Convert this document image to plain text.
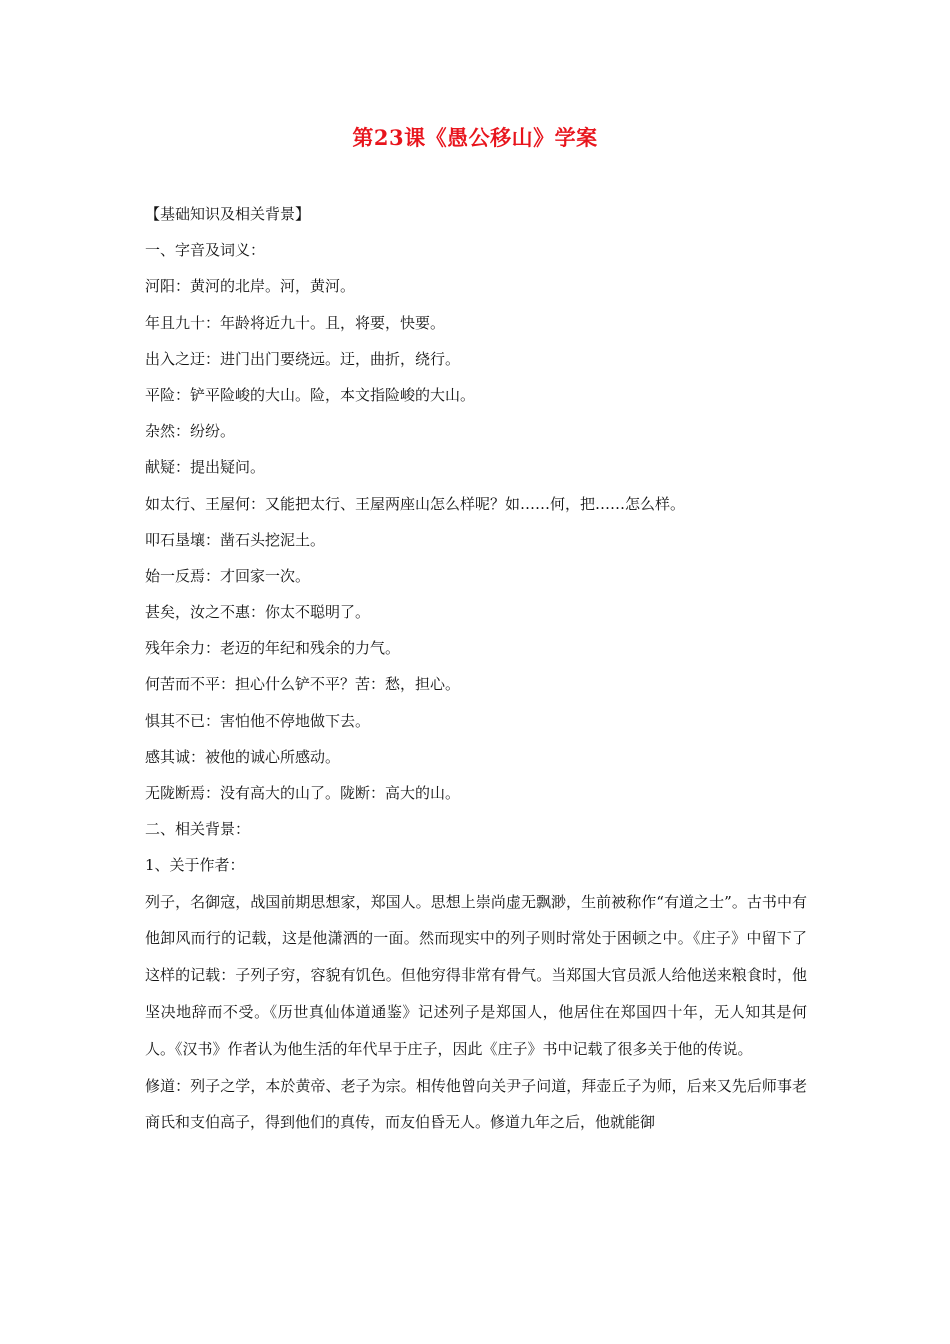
第23课《愚公移山》学案
【基础知识及相关背景】
一、字音及词义：
河阳：黄河的北岸。河，黄河。
年且九十：年龄将近九十。且，将要，快要。
出入之迂：进门出门要绕远。迂，曲折，绕行。
平险：铲平险峻的大山。险，本文指险峻的大山。
杂然：纷纷。
献疑：提出疑问。
如太行、王屋何：又能把太行、王屋两座山怎么样呢？如……何，把……怎么样。
叩石垦壤：凿石头挖泥土。
始一反焉：才回家一次。
甚矣，汝之不惠：你太不聪明了。
残年余力：老迈的年纪和残余的力气。
何苦而不平：担心什么铲不平？苦：愁，担心。
惧其不已：害怕他不停地做下去。
感其诚：被他的诚心所感动。
无陇断焉：没有高大的山了。陇断：高大的山。
二、相关背景：
1、关于作者：
列子，名御寇，战国前期思想家，郑国人。思想上崇尚虚无飘渺，生前被称作“有道之士”。古书中有他卸风而行的记载，这是他潇洒的一面。然而现实中的列子则时常处于困顿之中。《庄子》中留下了这样的记载：子列子穷，容貌有饥色。但他穷得非常有骨气。当郑国大官员派人给他送来粮食时，他坚决地辞而不受。《历世真仙体道通鉴》记述列子是郑国人，他居住在郑国四十年，无人知其是何人。《汉书》作者认为他生活的年代早于庄子，因此《庄子》书中记载了很多关于他的传说。
修道：列子之学，本於黄帝、老子为宗。相传他曾向关尹子问道，拜壶丘子为师，后来又先后师事老商氏和支伯高子，得到他们的真传，而友伯昏无人。修道九年之后，他就能御
